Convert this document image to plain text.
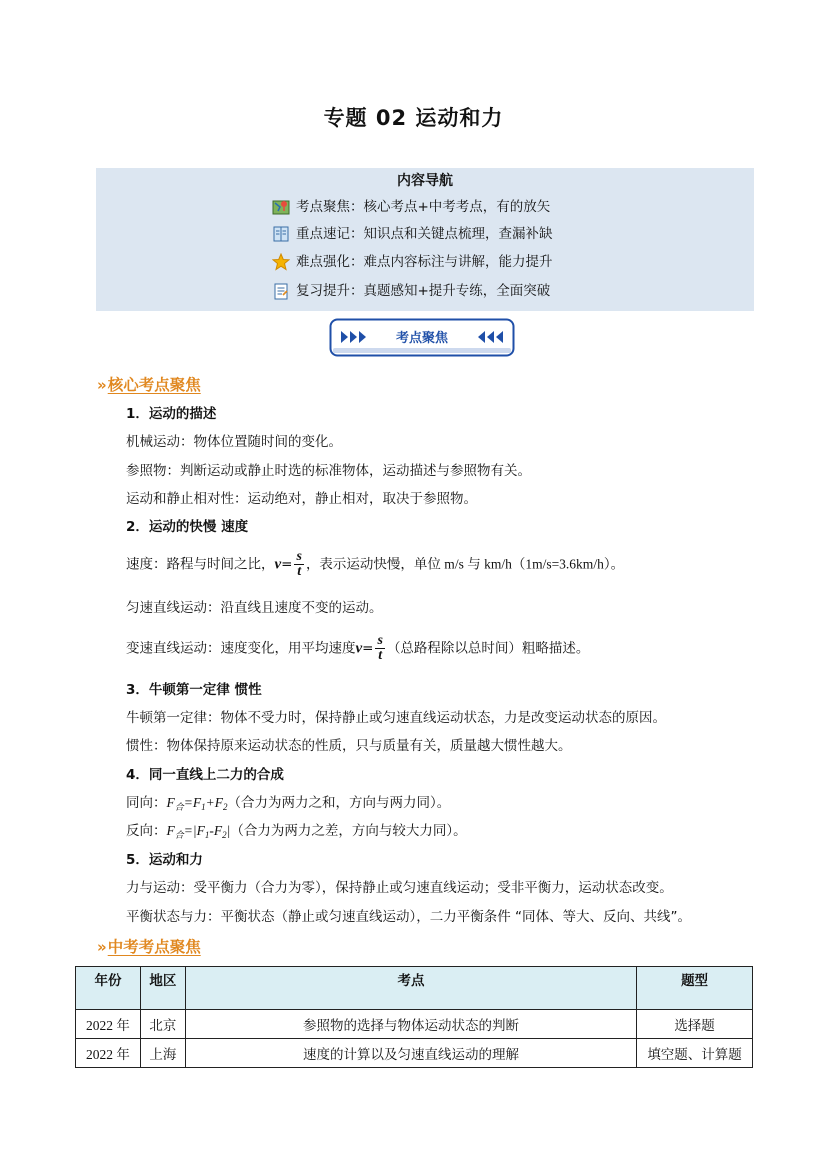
专题 02 运动和力
内容导航
考点聚焦：核心考点+中考考点，有的放矢
重点速记：知识点和关键点梳理，查漏补缺
难点强化：难点内容标注与讲解，能力提升
复习提升：真题感知+提升专练，全面突破
考点聚焦
»核心考点聚焦
1．运动的描述
机械运动：物体位置随时间的变化。
参照物：判断运动或静止时选的标准物体，运动描述与参照物有关。
运动和静止相对性：运动绝对，静止相对，取决于参照物。
2．运动的快慢 速度
速度：路程与时间之比，$v= \frac{s}{t}$ ，表示运动快慢，单位 m/s 与 km/h（1m/s=3.6km/h）。
匀速直线运动：沿直线且速度不变的运动。
变速直线运动：速度变化，用平均速度$v= \frac{s}{t}$ （总路程除以总时间）粗略描述。
3．牛顿第一定律 惯性
牛顿第一定律：物体不受力时，保持静止或匀速直线运动状态，力是改变运动状态的原因。
惯性：物体保持原来运动状态的性质，只与质量有关，质量越大惯性越大。
4．同一直线上二力的合成
同向：$F_合=F_1+F_2$（合力为两力之和，方向与两力同）。
反向：$F_合=|F_1-F_2|$（合力为两力之差，方向与较大力同）。
5．运动和力
力与运动：受平衡力（合力为零），保持静止或匀速直线运动；受非平衡力，运动状态改变。
平衡状态与力：平衡状态（静止或匀速直线运动），二力平衡条件 “同体、等大、反向、共线”。
»中考考点聚焦
年份	地区	考点	题型
2022 年	北京	参照物的选择与物体运动状态的判断	选择题
2022 年	上海	速度的计算以及匀速直线运动的理解	填空题、计算题
